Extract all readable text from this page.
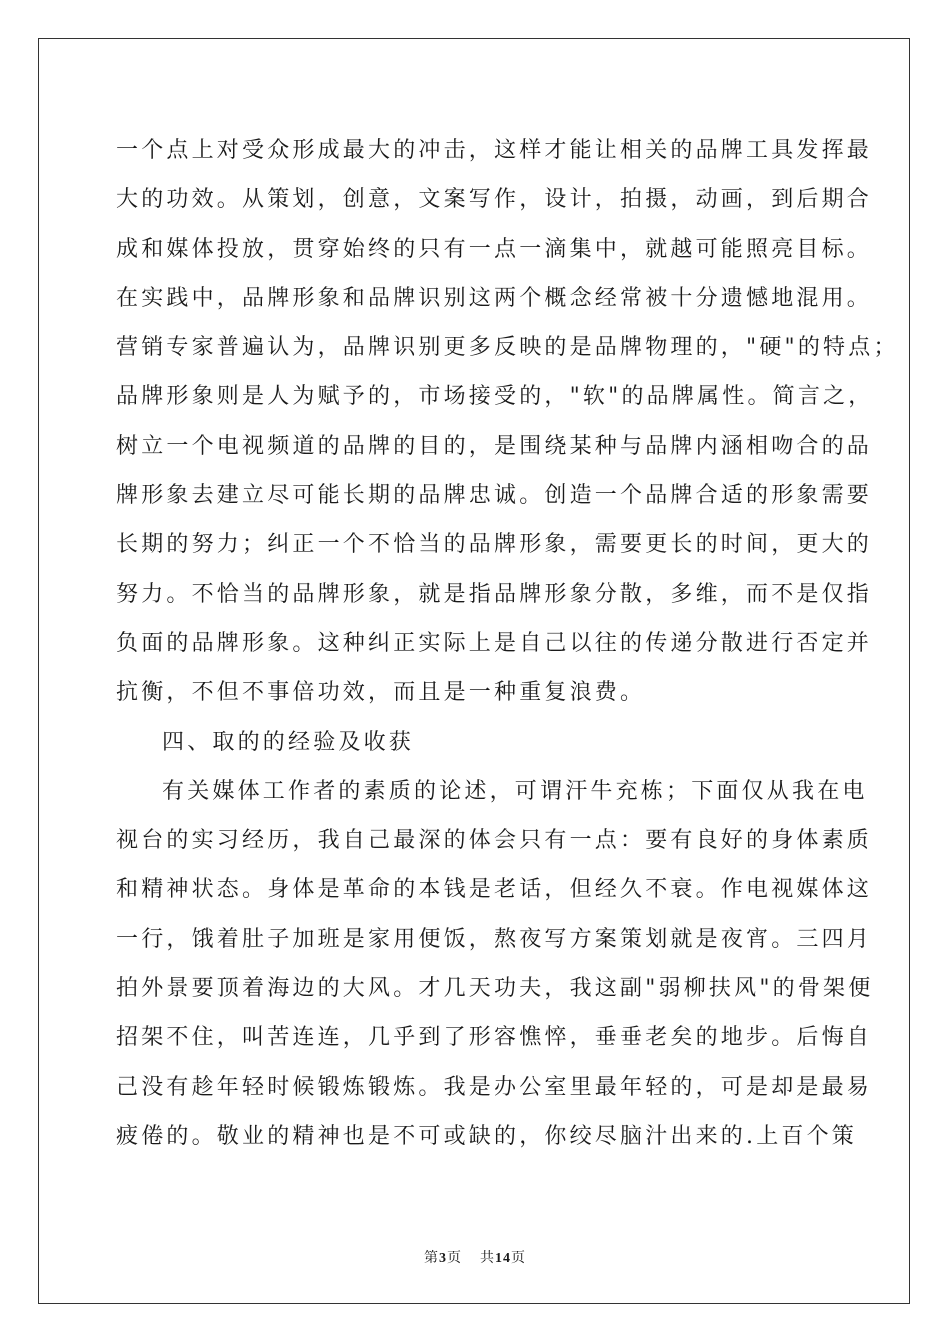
一个点上对受众形成最大的冲击，这样才能让相关的品牌工具发挥最
大的功效。从策划，创意，文案写作，设计，拍摄，动画，到后期合
成和媒体投放，贯穿始终的只有一点一滴集中，就越可能照亮目标。
在实践中，品牌形象和品牌识别这两个概念经常被十分遗憾地混用。
营销专家普遍认为，品牌识别更多反映的是品牌物理的，"硬"的特点；
品牌形象则是人为赋予的，市场接受的，"软"的品牌属性。简言之，
树立一个电视频道的品牌的目的，是围绕某种与品牌内涵相吻合的品
牌形象去建立尽可能长期的品牌忠诚。创造一个品牌合适的形象需要
长期的努力；纠正一个不恰当的品牌形象，需要更长的时间，更大的
努力。不恰当的品牌形象，就是指品牌形象分散，多维，而不是仅指
负面的品牌形象。这种纠正实际上是自己以往的传递分散进行否定并
抗衡，不但不事倍功效，而且是一种重复浪费。
四、取的的经验及收获
有关媒体工作者的素质的论述，可谓汗牛充栋；下面仅从我在电
视台的实习经历，我自己最深的体会只有一点：要有良好的身体素质
和精神状态。身体是革命的本钱是老话，但经久不衰。作电视媒体这
一行，饿着肚子加班是家用便饭，熬夜写方案策划就是夜宵。三四月
拍外景要顶着海边的大风。才几天功夫，我这副"弱柳扶风"的骨架便
招架不住，叫苦连连，几乎到了形容憔悴，垂垂老矣的地步。后悔自
己没有趁年轻时候锻炼锻炼。我是办公室里最年轻的，可是却是最易
疲倦的。敬业的精神也是不可或缺的，你绞尽脑汁出来的.上百个策
第3页 共14页
